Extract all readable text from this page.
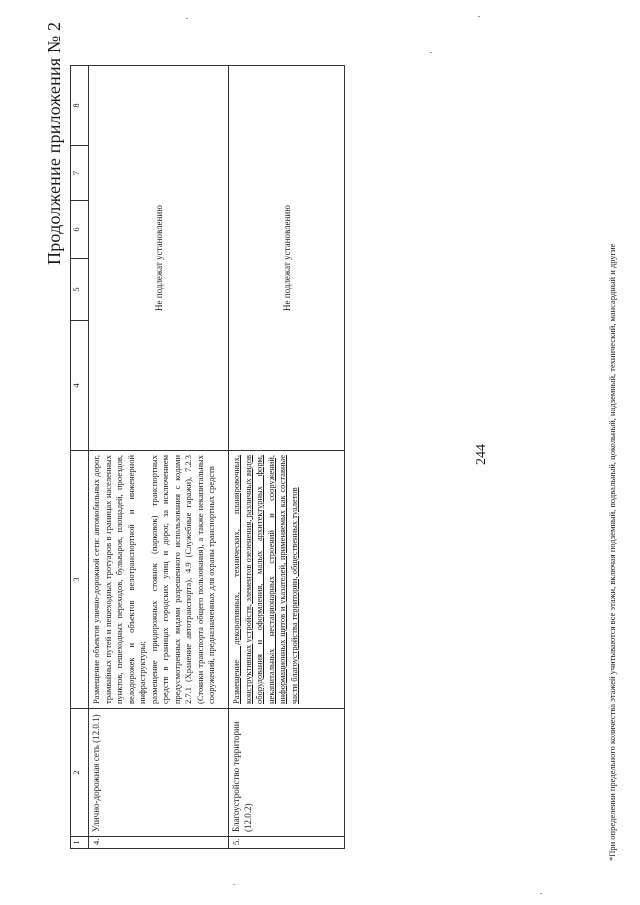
244
Продолжение приложения № 2
1	2	3	4	5	6	7	8
4.	Улично-дорожная сеть (12.0.1)	Размещение объектов улично-дорожной сети: автомобильных дорог, трамвайных путей и пешеходных тротуаров в границах населенных пунктов, пешеходных переходов, бульваров, площадей, проездов, велодорожек и объектов велотранспортной и инженерной инфраструктуры; размещение придорожных стоянок (парковок) транспортных средств в границах городских улиц и дорог, за исключением предусмотренных видами разрешенного использования с кодами 2.7.1 (Хранение автотранспорта), 4.9 (Служебные гаражи), 7.2.3 (Стоянки транспорта общего пользования), а также некапитальных сооружений, предназначенных для охраны транспортных средств	Не подлежат установлению				
5.	Благоустройство территории (12.0.2)	Размещение декоративных, технических, планировочных, конструктивных устройств, элементов озеленения, различных видов оборудования и оформления, малых архитектурных форм, некапитальных нестационарных строений и сооружений, информационных щитов и указателей, применяемых как составные части благоустройства территории, общественных туалетов	Не подлежат установлению					*При определении предельного количества этажей учитываются все этажи, включая подземный, подвальный, цокольный, надземный, технический, мансардный и другие
